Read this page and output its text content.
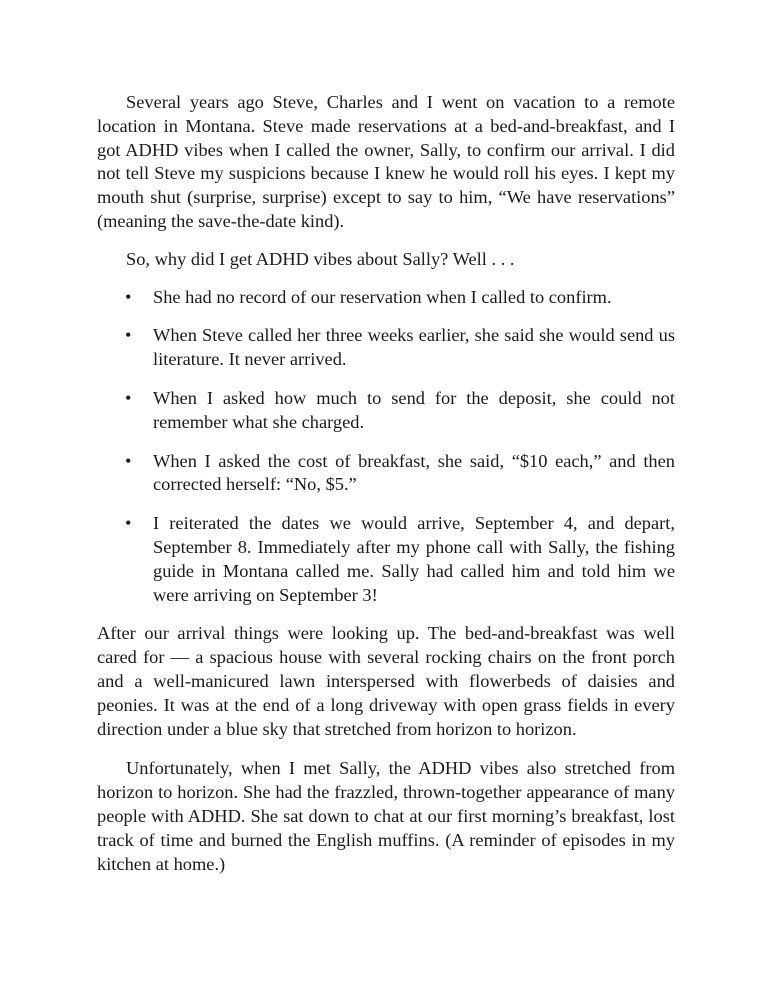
Several years ago Steve, Charles and I went on vacation to a remote location in Montana. Steve made reservations at a bed-and-breakfast, and I got ADHD vibes when I called the owner, Sally, to confirm our arrival. I did not tell Steve my suspicions because I knew he would roll his eyes. I kept my mouth shut (surprise, surprise) except to say to him, “We have reservations” (meaning the save-the-date kind).

So, why did I get ADHD vibes about Sally? Well . . .

• She had no record of our reservation when I called to confirm.
• When Steve called her three weeks earlier, she said she would send us literature. It never arrived.
• When I asked how much to send for the deposit, she could not remember what she charged.
• When I asked the cost of breakfast, she said, “$10 each,” and then corrected herself: “No, $5.”
• I reiterated the dates we would arrive, September 4, and depart, September 8. Immediately after my phone call with Sally, the fishing guide in Montana called me. Sally had called him and told him we were arriving on September 3!

After our arrival things were looking up. The bed-and-breakfast was well cared for — a spacious house with several rocking chairs on the front porch and a well-manicured lawn interspersed with flowerbeds of daisies and peonies. It was at the end of a long driveway with open grass fields in every direction under a blue sky that stretched from horizon to horizon.

Unfortunately, when I met Sally, the ADHD vibes also stretched from horizon to horizon. She had the frazzled, thrown-together appearance of many people with ADHD. She sat down to chat at our first morning’s breakfast, lost track of time and burned the English muffins. (A reminder of episodes in my kitchen at home.)
